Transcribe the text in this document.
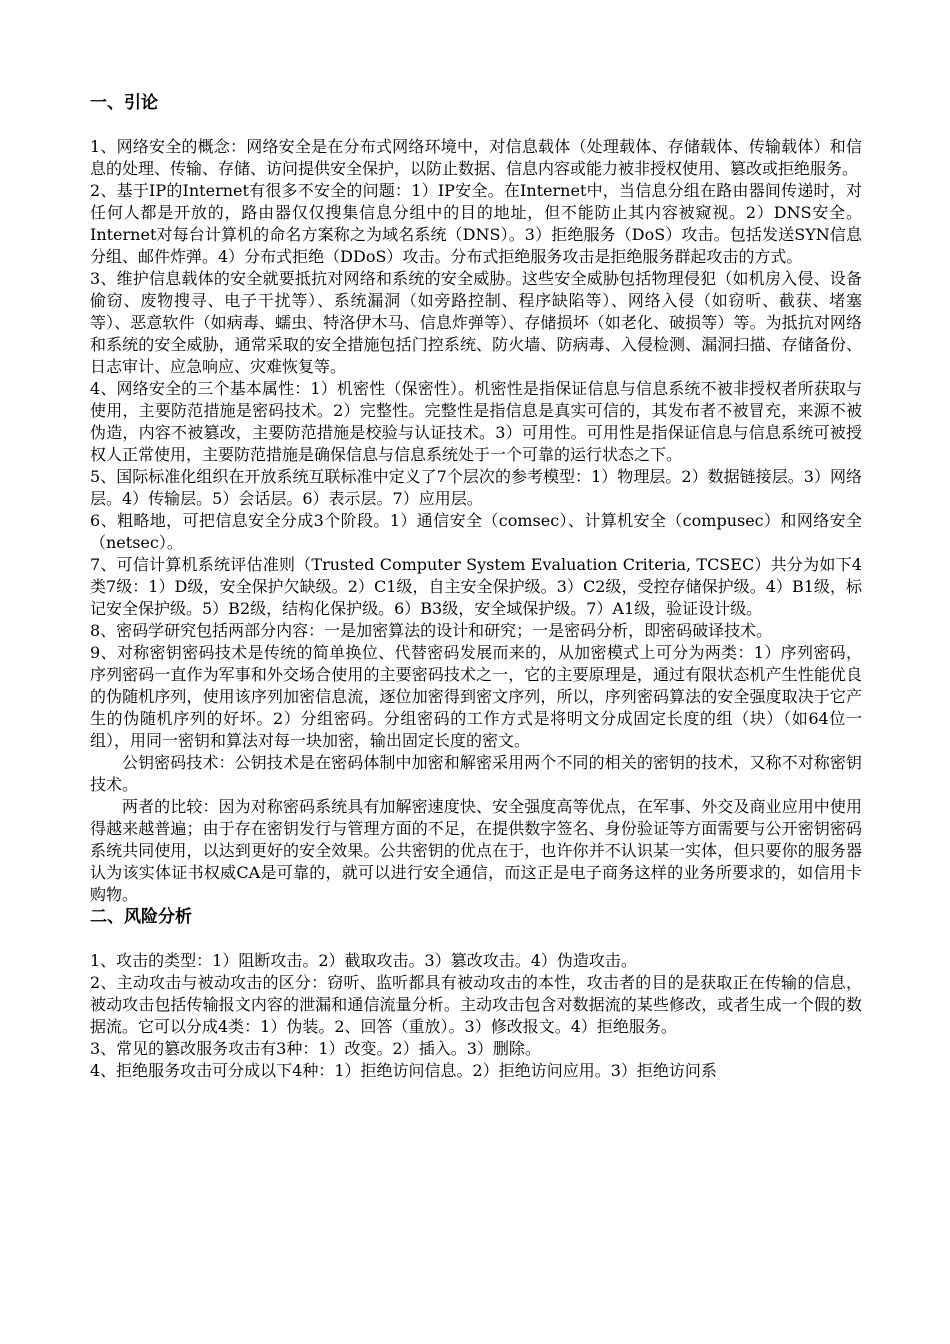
一、引论

1、网络安全的概念：网络安全是在分布式网络环境中，对信息载体（处理载体、存储载体、传输载体）和信息的处理、传输、存储、访问提供安全保护，以防止数据、信息内容或能力被非授权使用、篡改或拒绝服务。

2、基于IP的Internet有很多不安全的问题：1）IP安全。在Internet中，当信息分组在路由器间传递时，对任何人都是开放的，路由器仅仅搜集信息分组中的目的地址，但不能防止其内容被窥视。2）DNS安全。Internet对每台计算机的命名方案称之为域名系统（DNS）。3）拒绝服务（DoS）攻击。包括发送SYN信息分组、邮件炸弹。4）分布式拒绝（DDoS）攻击。分布式拒绝服务攻击是拒绝服务群起攻击的方式。

3、维护信息载体的安全就要抵抗对网络和系统的安全威胁。这些安全威胁包括物理侵犯（如机房入侵、设备偷窃、废物搜寻、电子干扰等）、系统漏洞（如旁路控制、程序缺陷等）、网络入侵（如窃听、截获、堵塞等）、恶意软件（如病毒、蠕虫、特洛伊木马、信息炸弹等）、存储损坏（如老化、破损等）等。为抵抗对网络和系统的安全威胁，通常采取的安全措施包括门控系统、防火墙、防病毒、入侵检测、漏洞扫描、存储备份、日志审计、应急响应、灾难恢复等。

4、网络安全的三个基本属性：1）机密性（保密性）。机密性是指保证信息与信息系统不被非授权者所获取与使用，主要防范措施是密码技术。2）完整性。完整性是指信息是真实可信的，其发布者不被冒充，来源不被伪造，内容不被篡改，主要防范措施是校验与认证技术。3）可用性。可用性是指保证信息与信息系统可被授权人正常使用，主要防范措施是确保信息与信息系统处于一个可靠的运行状态之下。

5、国际标准化组织在开放系统互联标准中定义了7个层次的参考模型：1）物理层。2）数据链接层。3）网络层。4）传输层。5）会话层。6）表示层。7）应用层。

6、粗略地，可把信息安全分成3个阶段。1）通信安全（comsec）、计算机安全（compusec）和网络安全（netsec）。

7、可信计算机系统评估准则（Trusted Computer System Evaluation Criteria, TCSEC）共分为如下4类7级：1）D级，安全保护欠缺级。2）C1级，自主安全保护级。3）C2级，受控存储保护级。4）B1级，标记安全保护级。5）B2级，结构化保护级。6）B3级，安全域保护级。7）A1级，验证设计级。

8、密码学研究包括两部分内容：一是加密算法的设计和研究；一是密码分析，即密码破译技术。

9、对称密钥密码技术是传统的简单换位、代替密码发展而来的，从加密模式上可分为两类：1）序列密码，序列密码一直作为军事和外交场合使用的主要密码技术之一，它的主要原理是，通过有限状态机产生性能优良的伪随机序列，使用该序列加密信息流，逐位加密得到密文序列，所以，序列密码算法的安全强度取决于它产生的伪随机序列的好坏。2）分组密码。分组密码的工作方式是将明文分成固定长度的组（块）（如64位一组），用同一密钥和算法对每一块加密，输出固定长度的密文。

公钥密码技术：公钥技术是在密码体制中加密和解密采用两个不同的相关的密钥的技术，又称不对称密钥技术。

两者的比较：因为对称密码系统具有加解密速度快、安全强度高等优点，在军事、外交及商业应用中使用得越来越普遍；由于存在密钥发行与管理方面的不足，在提供数字签名、身份验证等方面需要与公开密钥密码系统共同使用，以达到更好的安全效果。公共密钥的优点在于，也许你并不认识某一实体，但只要你的服务器认为该实体证书权威CA是可靠的，就可以进行安全通信，而这正是电子商务这样的业务所要求的，如信用卡购物。

二、风险分析

1、攻击的类型：1）阻断攻击。2）截取攻击。3）篡改攻击。4）伪造攻击。

2、主动攻击与被动攻击的区分：窃听、监听都具有被动攻击的本性，攻击者的目的是获取正在传输的信息，被动攻击包括传输报文内容的泄漏和通信流量分析。主动攻击包含对数据流的某些修改，或者生成一个假的数据流。它可以分成4类：1）伪装。2、回答（重放）。3）修改报文。4）拒绝服务。

3、常见的篡改服务攻击有3种：1）改变。2）插入。3）删除。

4、拒绝服务攻击可分成以下4种：1）拒绝访问信息。2）拒绝访问应用。3）拒绝访问系
